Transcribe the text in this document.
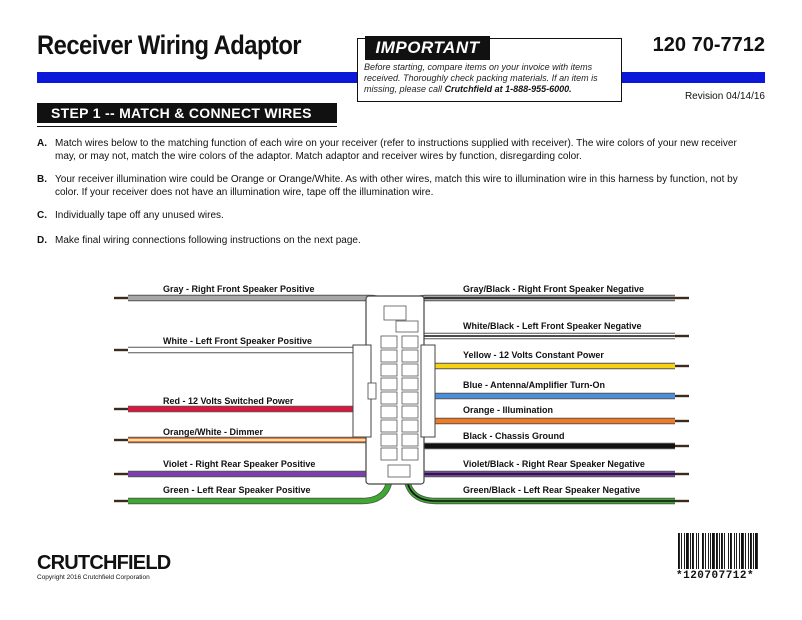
Receiver Wiring Adaptor	120 70-7712
IMPORTANT
Before starting, compare items on your invoice with items received. Thoroughly check packing materials. If an item is missing, please call Crutchfield at 1-888-955-6000.
Revision 04/14/16
STEP 1 -- MATCH & CONNECT WIRES
A. Match wires below to the matching function of each wire on your receiver (refer to instructions supplied with receiver). The wire colors of your new receiver may, or may not, match the wire colors of the adaptor. Match adaptor and receiver wires by function, disregarding color.
B. Your receiver illumination wire could be Orange or Orange/White. As with other wires, match this wire to illumination wire in this harness by function, not by color. If your receiver does not have an illumination wire, tape off the illumination wire.
C. Individually tape off any unused wires.
D. Make final wiring connections following instructions on the next page.
Gray - Right Front Speaker Positive
White - Left Front Speaker Positive
Red - 12 Volts Switched Power
Orange/White - Dimmer
Violet - Right Rear Speaker Positive
Green - Left Rear Speaker Positive
Gray/Black - Right Front Speaker Negative
White/Black - Left Front Speaker Negative
Yellow - 12 Volts Constant Power
Blue - Antenna/Amplifier Turn-On
Orange - Illumination
Black - Chassis Ground
Violet/Black - Right Rear Speaker Negative
Green/Black - Left Rear Speaker Negative
CRUTCHFIELD
Copyright 2016 Crutchfield Corporation	*120707712*
